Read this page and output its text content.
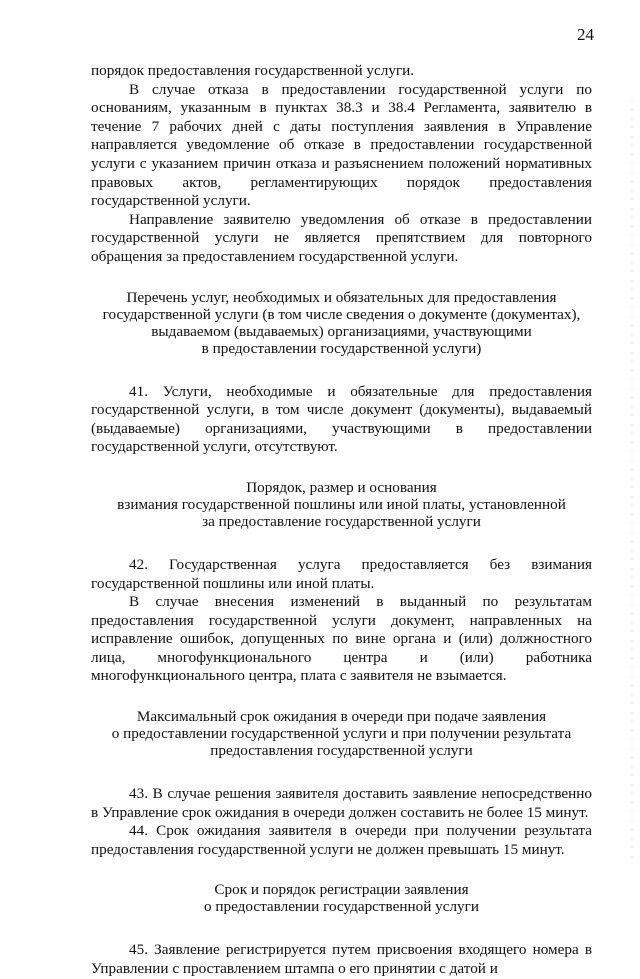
24

порядок предоставления государственной услуги.

В случае отказа в предоставлении государственной услуги по основаниям, указанным в пунктах 38.3 и 38.4 Регламента, заявителю в течение 7 рабочих дней с даты поступления заявления в Управление направляется уведомление об отказе в предоставлении государственной услуги с указанием причин отказа и разъяснением положений нормативных правовых актов, регламентирующих порядок предоставления государственной услуги.

Направление заявителю уведомления об отказе в предоставлении государственной услуги не является препятствием для повторного обращения за предоставлением государственной услуги.

Перечень услуг, необходимых и обязательных для предоставления
государственной услуги (в том числе сведения о документе (документах),
выдаваемом (выдаваемых) организациями, участвующими
в предоставлении государственной услуги)

41. Услуги, необходимые и обязательные для предоставления государственной услуги, в том числе документ (документы), выдаваемый (выдаваемые) организациями, участвующими в предоставлении государственной услуги, отсутствуют.

Порядок, размер и основания
взимания государственной пошлины или иной платы, установленной
за предоставление государственной услуги

42. Государственная услуга предоставляется без взимания государственной пошлины или иной платы.

В случае внесения изменений в выданный по результатам предоставления государственной услуги документ, направленных на исправление ошибок, допущенных по вине органа и (или) должностного лица, многофункционального центра и (или) работника многофункционального центра, плата с заявителя не взымается.

Максимальный срок ожидания в очереди при подаче заявления
о предоставлении государственной услуги и при получении результата
предоставления государственной услуги

43. В случае решения заявителя доставить заявление непосредственно в Управление срок ожидания в очереди должен составить не более 15 минут.

44. Срок ожидания заявителя в очереди при получении результата предоставления государственной услуги не должен превышать 15 минут.

Срок и порядок регистрации заявления
о предоставлении государственной услуги

45. Заявление регистрируется путем присвоения входящего номера в Управлении с проставлением штампа о его принятии с датой и
